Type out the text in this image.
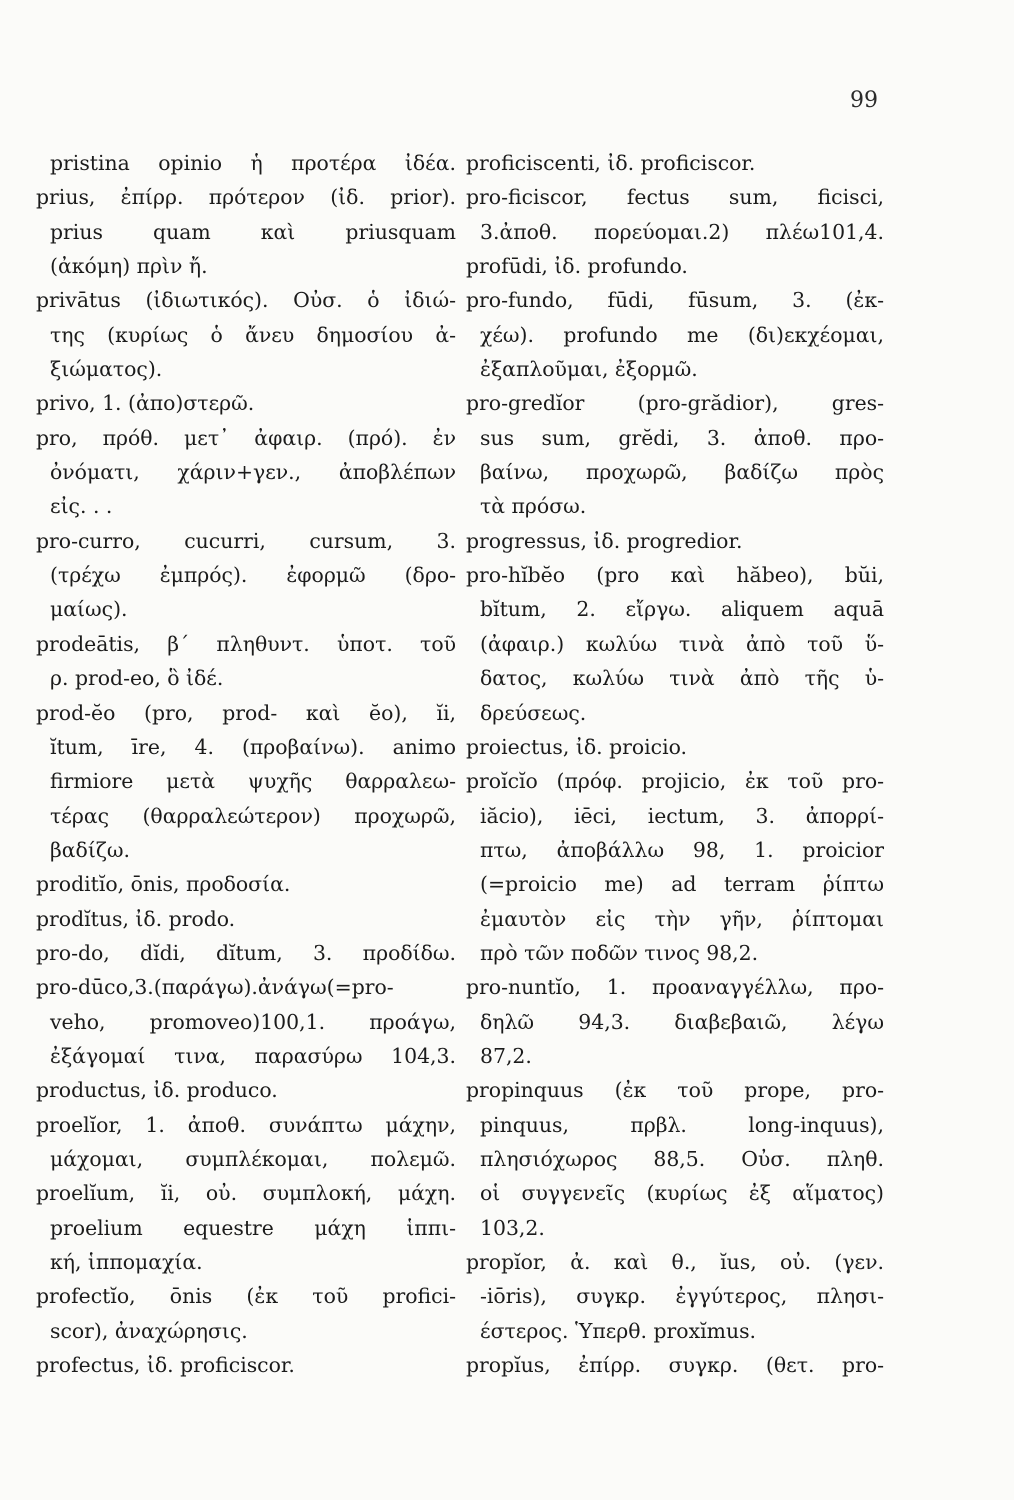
99
pristina opinio ἡ προτέρα ἰδέα.
prius, ἐπίρρ. πρότερον (ἰδ. prior).
prius quam καὶ priusquam
(ἀκόμη) πρὶν ἤ.
privātus (ἰδιωτικός). Οὐσ. ὁ ἰδιώ-
της (κυρίως ὁ ἄνευ δημοσίου ἀ-
ξιώματος).
privo, 1. (ἀπο)στερῶ.
pro, πρόθ. μετ᾿ ἀφαιρ. (πρό). ἐν
ὀνόματι, χάριν+γεν., ἀποβλέπων
εἰς. . .
pro-curro, cucurri, cursum, 3.
(τρέχω ἐμπρός). ἐφορμῶ (δρο-
μαίως).
prodeātis, β΄ πληθυντ. ὑποτ. τοῦ
ρ. prod-eo, ὃ ἰδέ.
prod-ĕo (pro, prod- καὶ ĕo), ĭi,
ĭtum, īre, 4. (προβαίνω). animo
firmiore μετὰ ψυχῆς θαρραλεω-
τέρας (θαρραλεώτερον) προχωρῶ,
βαδίζω.
proditĭo, ōnis, προδοσία.
prodĭtus, ἰδ. prodo.
pro-do, dĭdi, dĭtum, 3. προδίδω.
pro-dūco,3.(παράγω).ἀνάγω(=pro-
veho, promoveo)100,1. προάγω,
ἐξάγομαί τινα, παρασύρω 104,3.
productus, ἰδ. produco.
proelĭor, 1. ἀποθ. συνάπτω μάχην,
μάχομαι, συμπλέκομαι, πολεμῶ.
proelĭum, ĭi, οὐ. συμπλοκή, μάχη.
proelium equestre μάχη ἱππι-
κή, ἱππομαχία.
profectĭo, ōnis (ἐκ τοῦ profici-
scor), ἀναχώρησις.
profectus, ἰδ. proficiscor.
proficiscenti, ἰδ. proficiscor.
pro-ficiscor, fectus sum, ficisci,
3.ἀποθ. πορεύομαι.2) πλέω101,4.
profūdi, ἰδ. profundo.
pro-fundo, fūdi, fūsum, 3. (ἐκ-
χέω). profundo me (δι)εκχέομαι,
ἐξαπλοῦμαι, ἐξορμῶ.
pro-gredĭor (pro-grădior), gres-
sus sum, grĕdi, 3. ἀποθ. προ-
βαίνω, προχωρῶ, βαδίζω πρὸς
τὰ πρόσω.
progressus, ἰδ. progredior.
pro-hĭbĕo (pro καὶ hăbeo), bŭi,
bĭtum, 2. εἴργω. aliquem aquā
(ἀφαιρ.) κωλύω τινὰ ἀπὸ τοῦ ὕ-
δατος, κωλύω τινὰ ἀπὸ τῆς ὑ-
δρεύσεως.
proiectus, ἰδ. proicio.
proĭcĭo (πρόφ. projicio, ἐκ τοῦ pro-
iăcio), iēci, iectum, 3. ἀπορρί-
πτω, ἀποβάλλω 98, 1. proicior
(=proicio me) ad terram ῥίπτω
ἐμαυτὸν εἰς τὴν γῆν, ῥίπτομαι
πρὸ τῶν ποδῶν τινος 98,2.
pro-nuntĭo, 1. προαναγγέλλω, προ-
δηλῶ 94,3. διαβεβαιῶ, λέγω
87,2.
propinquus (ἐκ τοῦ prope, pro-
pinquus, πρβλ. long-inquus),
πλησιόχωρος 88,5. Οὐσ. πληθ.
οἱ συγγενεῖς (κυρίως ἐξ αἵματος)
103,2.
propĭor, ἀ. καὶ θ., ĭus, οὐ. (γεν.
-iōris), συγκρ. ἐγγύτερος, πλησι-
έστερος. Ὑπερθ. proxĭmus.
propĭus, ἐπίρρ. συγκρ. (θετ. pro-
